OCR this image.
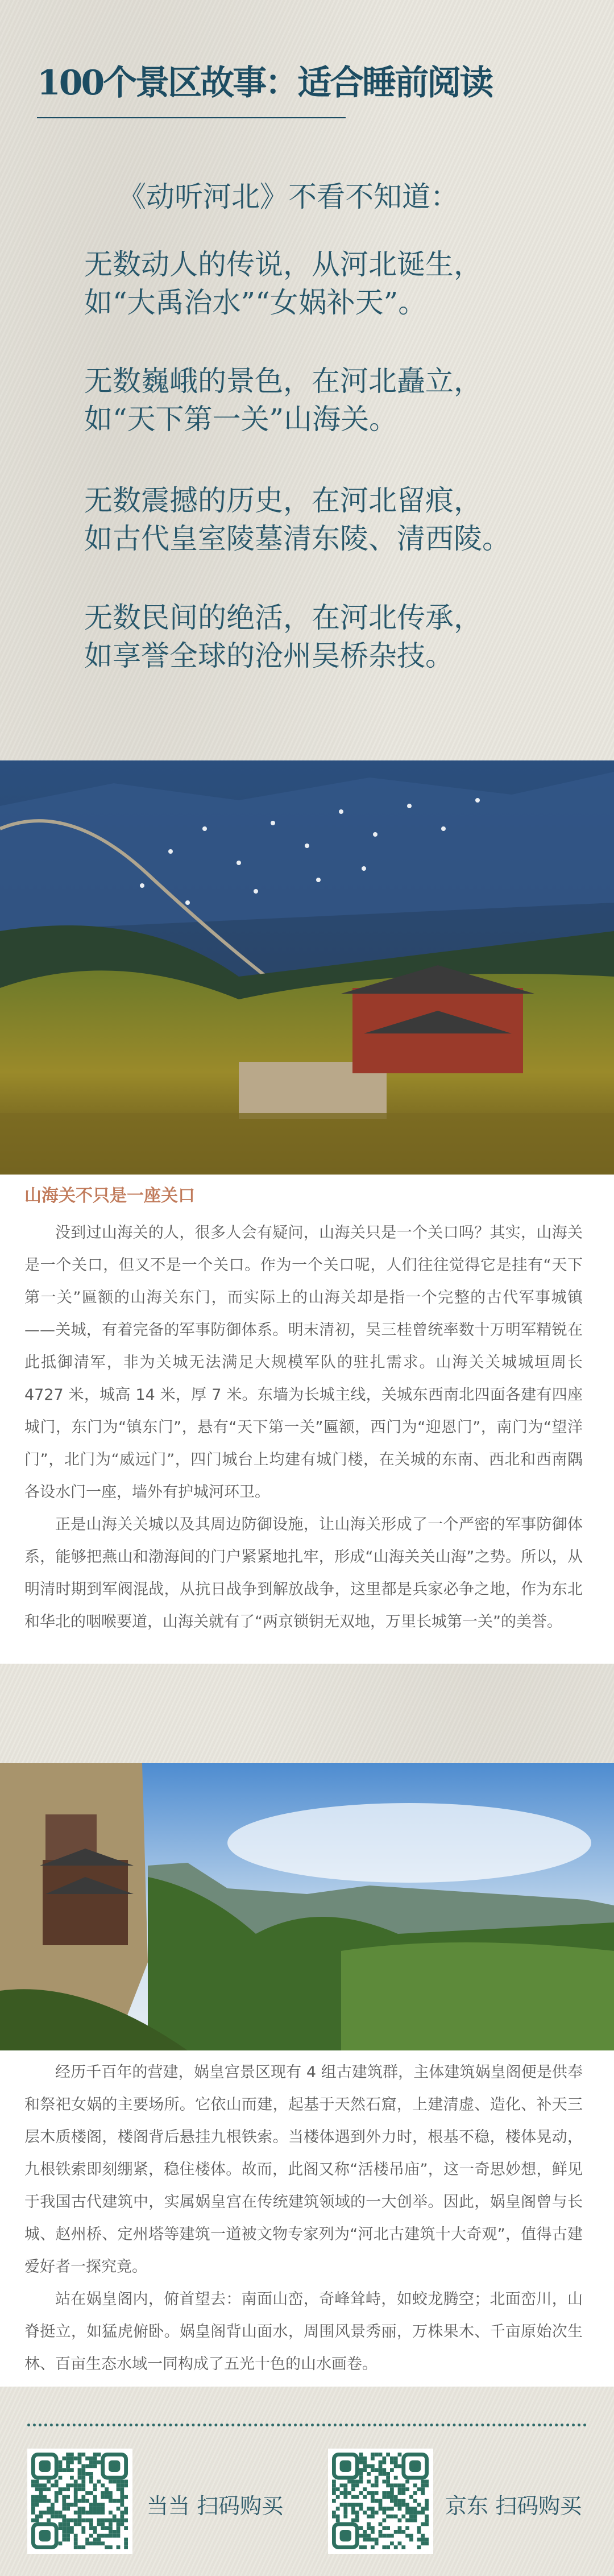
100个景区故事：适合睡前阅读
《动听河北》不看不知道：
无数动人的传说，从河北诞生，
如“大禹治水”“女娲补天”。
无数巍峨的景色，在河北矗立，
如“天下第一关”山海关。
无数震撼的历史，在河北留痕，
如古代皇室陵墓清东陵、清西陵。
无数民间的绝活，在河北传承，
如享誉全球的沧州吴桥杂技。
山海关不只是一座关口

没到过山海关的人，很多人会有疑问，山海关只是一个关口吗？其实，山海关是一个关口，但又不是一个关口。作为一个关口呢，人们往往觉得它是挂有“天下第一关”匾额的山海关东门，而实际上的山海关却是指一个完整的古代军事城镇——关城，有着完备的军事防御体系。明末清初，吴三桂曾统率数十万明军精锐在此抵御清军，非为关城无法满足大规模军队的驻扎需求。山海关关城城垣周长 4727 米，城高 14 米，厚 7 米。东墙为长城主线，关城东西南北四面各建有四座城门，东门为“镇东门”，悬有“天下第一关”匾额，西门为“迎恩门”，南门为“望洋门”，北门为“威远门”，四门城台上均建有城门楼，在关城的东南、西北和西南隅各设水门一座，墙外有护城河环卫。

正是山海关关城以及其周边防御设施，让山海关形成了一个严密的军事防御体系，能够把燕山和渤海间的门户紧紧地扎牢，形成“山海关关山海”之势。所以，从明清时期到军阀混战，从抗日战争到解放战争，这里都是兵家必争之地，作为东北和华北的咽喉要道，山海关就有了“两京锁钥无双地，万里长城第一关”的美誉。

经历千百年的营建，娲皇宫景区现有 4 组古建筑群，主体建筑娲皇阁便是供奉和祭祀女娲的主要场所。它依山而建，起基于天然石窟，上建清虚、造化、补天三层木质楼阁，楼阁背后悬挂九根铁索。当楼体遇到外力时，根基不稳，楼体晃动，九根铁索即刻绷紧，稳住楼体。故而，此阁又称“活楼吊庙”，这一奇思妙想，鲜见于我国古代建筑中，实属娲皇宫在传统建筑领域的一大创举。因此，娲皇阁曾与长城、赵州桥、定州塔等建筑一道被文物专家列为“河北古建筑十大奇观”，值得古建爱好者一探究竟。

站在娲皇阁内，俯首望去：南面山峦，奇峰耸峙，如蛟龙腾空；北面峦川，山脊挺立，如猛虎俯卧。娲皇阁背山面水，周围风景秀丽，万株果木、千亩原始次生林、百亩生态水域一同构成了五光十色的山水画卷。

当当 扫码购买	京东 扫码购买
